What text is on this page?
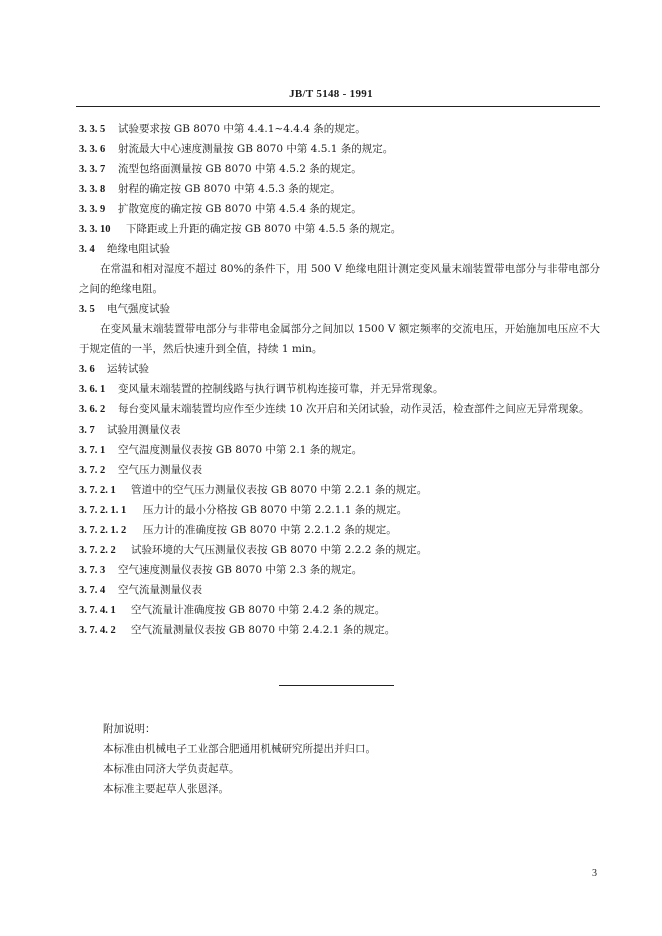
JB/T 5148 - 1991
3. 3. 5 试验要求按 GB 8070 中第 4.4.1~4.4.4 条的规定。
3. 3. 6 射流最大中心速度测量按 GB 8070 中第 4.5.1 条的规定。
3. 3. 7 流型包络面测量按 GB 8070 中第 4.5.2 条的规定。
3. 3. 8 射程的确定按 GB 8070 中第 4.5.3 条的规定。
3. 3. 9 扩散宽度的确定按 GB 8070 中第 4.5.4 条的规定。
3. 3. 10 下降距或上升距的确定按 GB 8070 中第 4.5.5 条的规定。
3. 4 绝缘电阻试验
在常温和相对湿度不超过 80%的条件下，用 500 V 绝缘电阻计测定变风量末端装置带电部分与非带电部分之间的绝缘电阻。
3. 5 电气强度试验
在变风量末端装置带电部分与非带电金属部分之间加以 1500 V 额定频率的交流电压，开始施加电压应不大于规定值的一半，然后快速升到全值，持续 1 min。
3. 6 运转试验
3. 6. 1 变风量末端装置的控制线路与执行调节机构连接可靠，并无异常现象。
3. 6. 2 每台变风量末端装置均应作至少连续 10 次开启和关闭试验，动作灵活，检查部件之间应无异常现象。
3. 7 试验用测量仪表
3. 7. 1 空气温度测量仪表按 GB 8070 中第 2.1 条的规定。
3. 7. 2 空气压力测量仪表
3. 7. 2. 1 管道中的空气压力测量仪表按 GB 8070 中第 2.2.1 条的规定。
3. 7. 2. 1. 1 压力计的最小分格按 GB 8070 中第 2.2.1.1 条的规定。
3. 7. 2. 1. 2 压力计的准确度按 GB 8070 中第 2.2.1.2 条的规定。
3. 7. 2. 2 试验环境的大气压测量仪表按 GB 8070 中第 2.2.2 条的规定。
3. 7. 3 空气速度测量仪表按 GB 8070 中第 2.3 条的规定。
3. 7. 4 空气流量测量仪表
3. 7. 4. 1 空气流量计准确度按 GB 8070 中第 2.4.2 条的规定。
3. 7. 4. 2 空气流量测量仪表按 GB 8070 中第 2.4.2.1 条的规定。
附加说明：
本标准由机械电子工业部合肥通用机械研究所提出并归口。
本标准由同济大学负责起草。
本标准主要起草人张恩泽。
3
